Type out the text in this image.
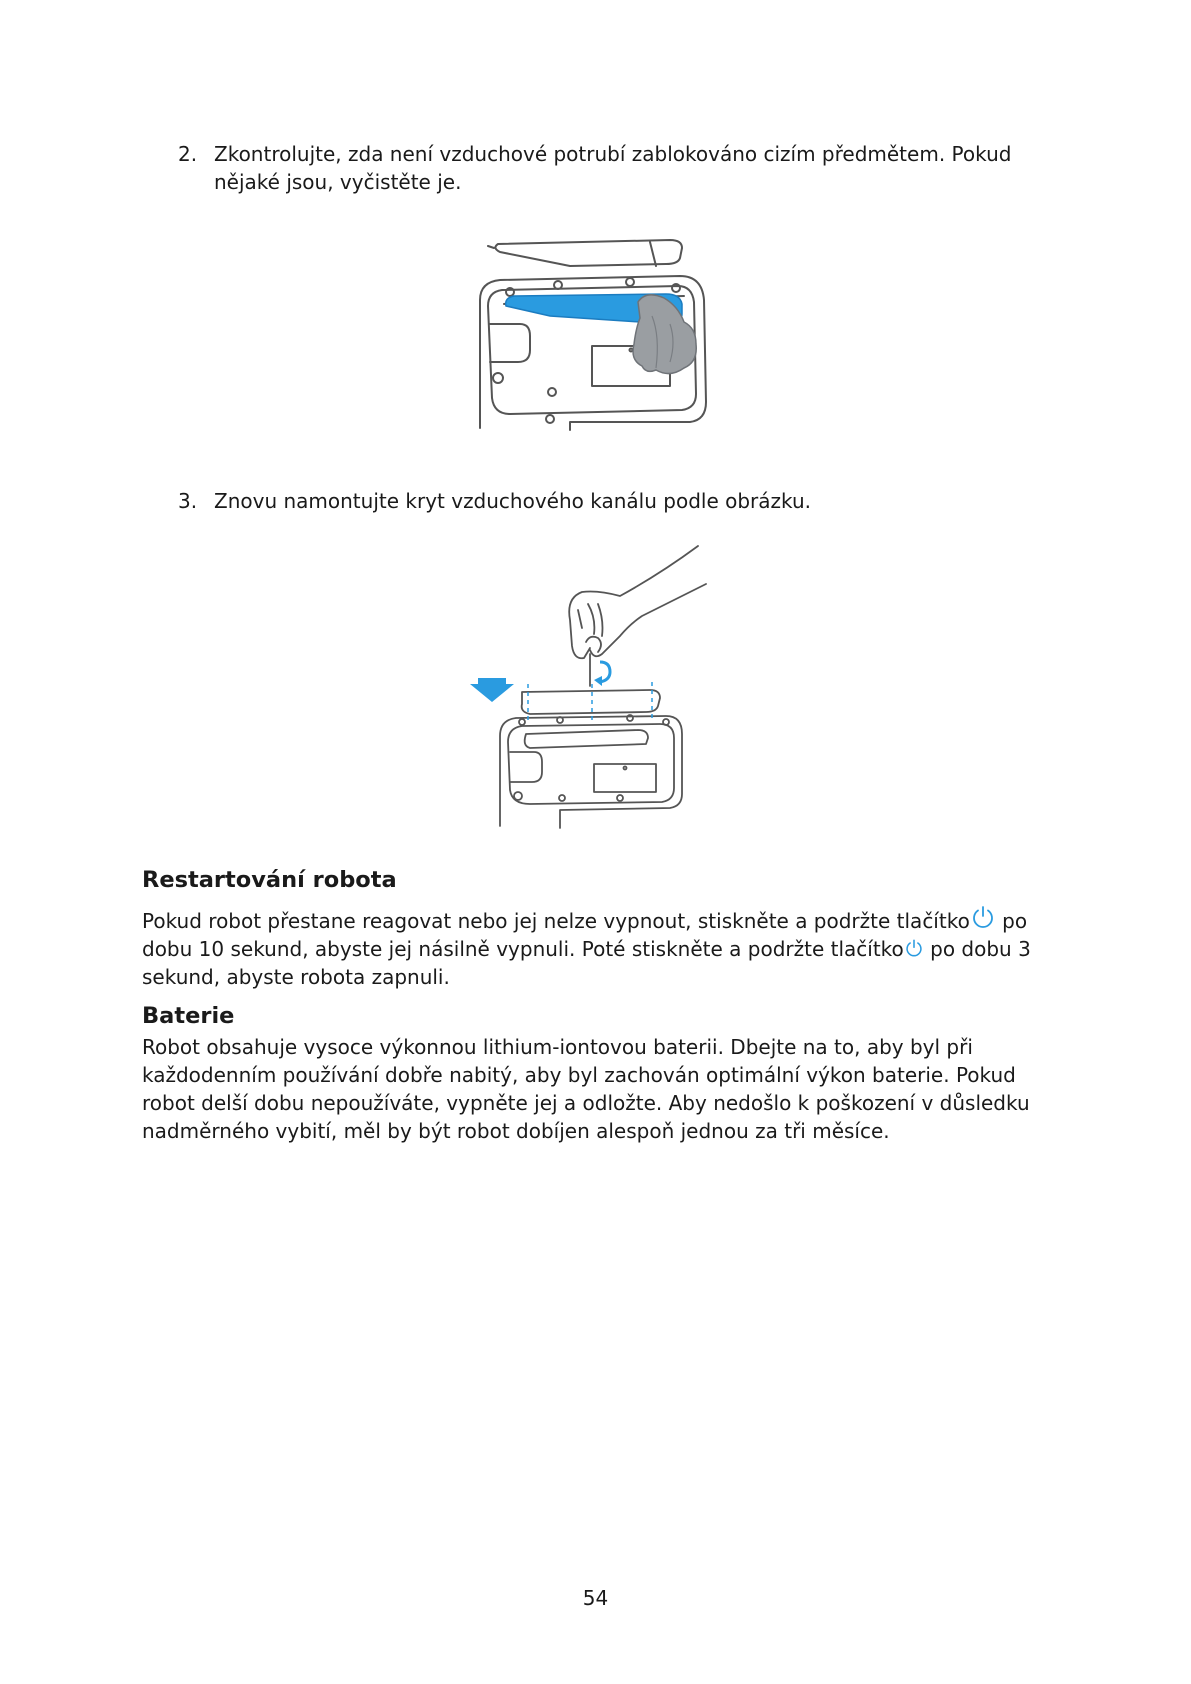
2. Zkontrolujte, zda není vzduchové potrubí zablokováno cizím předmětem. Pokud nějaké jsou, vyčistěte je.
3. Znovu namontujte kryt vzduchového kanálu podle obrázku.
Restartování robota

Pokud robot přestane reagovat nebo jej nelze vypnout, stiskněte a podržte tlačítko po dobu 10 sekund, abyste jej násilně vypnuli. Poté stiskněte a podržte tlačítko po dobu 3 sekund, abyste robota zapnuli.

Baterie

Robot obsahuje vysoce výkonnou lithium-iontovou baterii. Dbejte na to, aby byl při každodenním používání dobře nabitý, aby byl zachován optimální výkon baterie. Pokud robot delší dobu nepoužíváte, vypněte jej a odložte. Aby nedošlo k poškození v důsledku nadměrného vybití, měl by být robot dobíjen alespoň jednou za tři měsíce.

54
